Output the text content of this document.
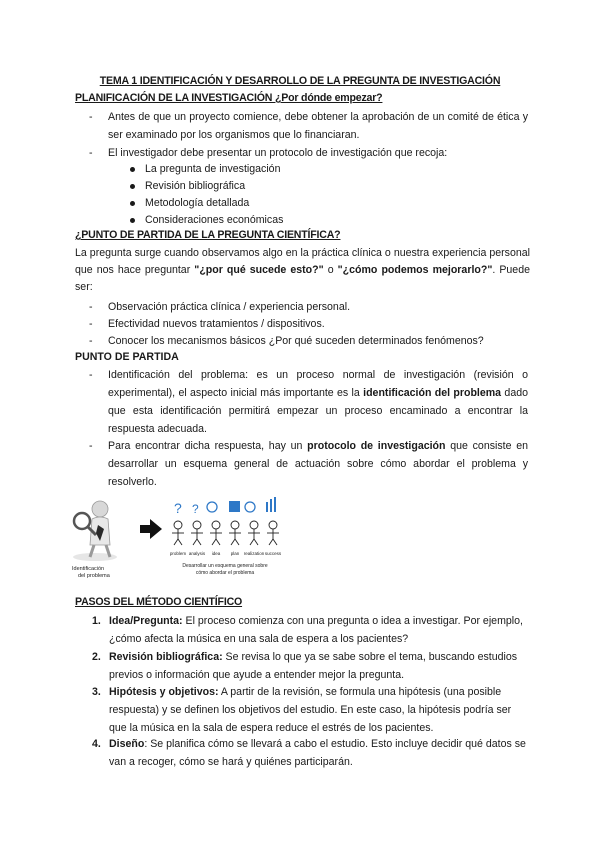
TEMA 1 IDENTIFICACIÓN Y DESARROLLO DE LA PREGUNTA DE INVESTIGACIÓN
PLANIFICACIÓN DE LA INVESTIGACIÓN ¿Por dónde empezar?
Antes de que un proyecto comience, debe obtener la aprobación de un comité de ética y ser examinado por los organismos que lo financiaran.
El investigador debe presentar un protocolo de investigación que recoja:
La pregunta de investigación
Revisión bibliográfica
Metodología detallada
Consideraciones económicas
¿PUNTO DE PARTIDA DE LA PREGUNTA CIENTÍFICA?
La pregunta surge cuando observamos algo en la práctica clínica o nuestra experiencia personal que nos hace preguntar "¿por qué sucede esto?" o "¿cómo podemos mejorarlo?". Puede ser:
Observación práctica clínica / experiencia personal.
Efectividad nuevos tratamientos / dispositivos.
Conocer los mecanismos básicos ¿Por qué suceden determinados fenómenos?
PUNTO DE PARTIDA
Identificación del problema: es un proceso normal de investigación (revisión o experimental), el aspecto inicial más importante es la identificación del problema dado que esta identificación permitirá empezar un proceso encaminado a encontrar la respuesta adecuada.
Para encontrar dicha respuesta, hay un protocolo de investigación que consiste en desarrollar un esquema general de actuación sobre cómo abordar el problema y resolverlo.
? ?
problem analysis idea plan realization success
Identificación
del problema
Desarrollar un esquema general sobre
cómo abordar el problema
PASOS DEL MÉTODO CIENTÍFICO
1. Idea/Pregunta: El proceso comienza con una pregunta o idea a investigar. Por ejemplo, ¿cómo afecta la música en una sala de espera a los pacientes?
2. Revisión bibliográfica: Se revisa lo que ya se sabe sobre el tema, buscando estudios previos o información que ayude a entender mejor la pregunta.
3. Hipótesis y objetivos: A partir de la revisión, se formula una hipótesis (una posible respuesta) y se definen los objetivos del estudio. En este caso, la hipótesis podría ser que la música en la sala de espera reduce el estrés de los pacientes.
4. Diseño: Se planifica cómo se llevará a cabo el estudio. Esto incluye decidir qué datos se van a recoger, cómo se hará y quiénes participarán.
